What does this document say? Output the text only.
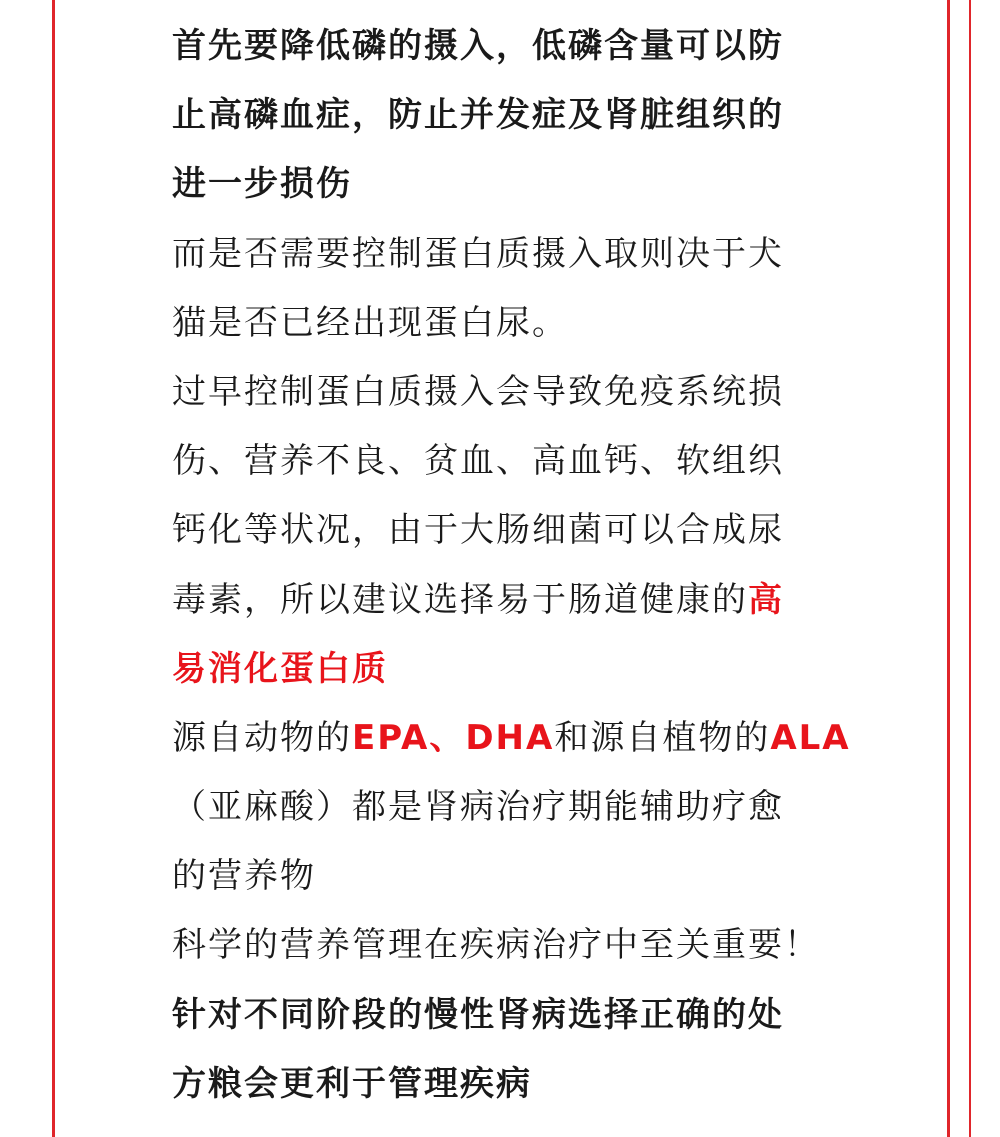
首先要降低磷的摄入，低磷含量可以防
止高磷血症，防止并发症及肾脏组织的
进一步损伤
而是否需要控制蛋白质摄入取则决于犬
猫是否已经出现蛋白尿。
过早控制蛋白质摄入会导致免疫系统损
伤、营养不良、贫血、高血钙、软组织
钙化等状况，由于大肠细菌可以合成尿
毒素，所以建议选择易于肠道健康的高
易消化蛋白质
源自动物的EPA、DHA和源自植物的ALA
（亚麻酸）都是肾病治疗期能辅助疗愈
的营养物
科学的营养管理在疾病治疗中至关重要！
针对不同阶段的慢性肾病选择正确的处
方粮会更利于管理疾病
